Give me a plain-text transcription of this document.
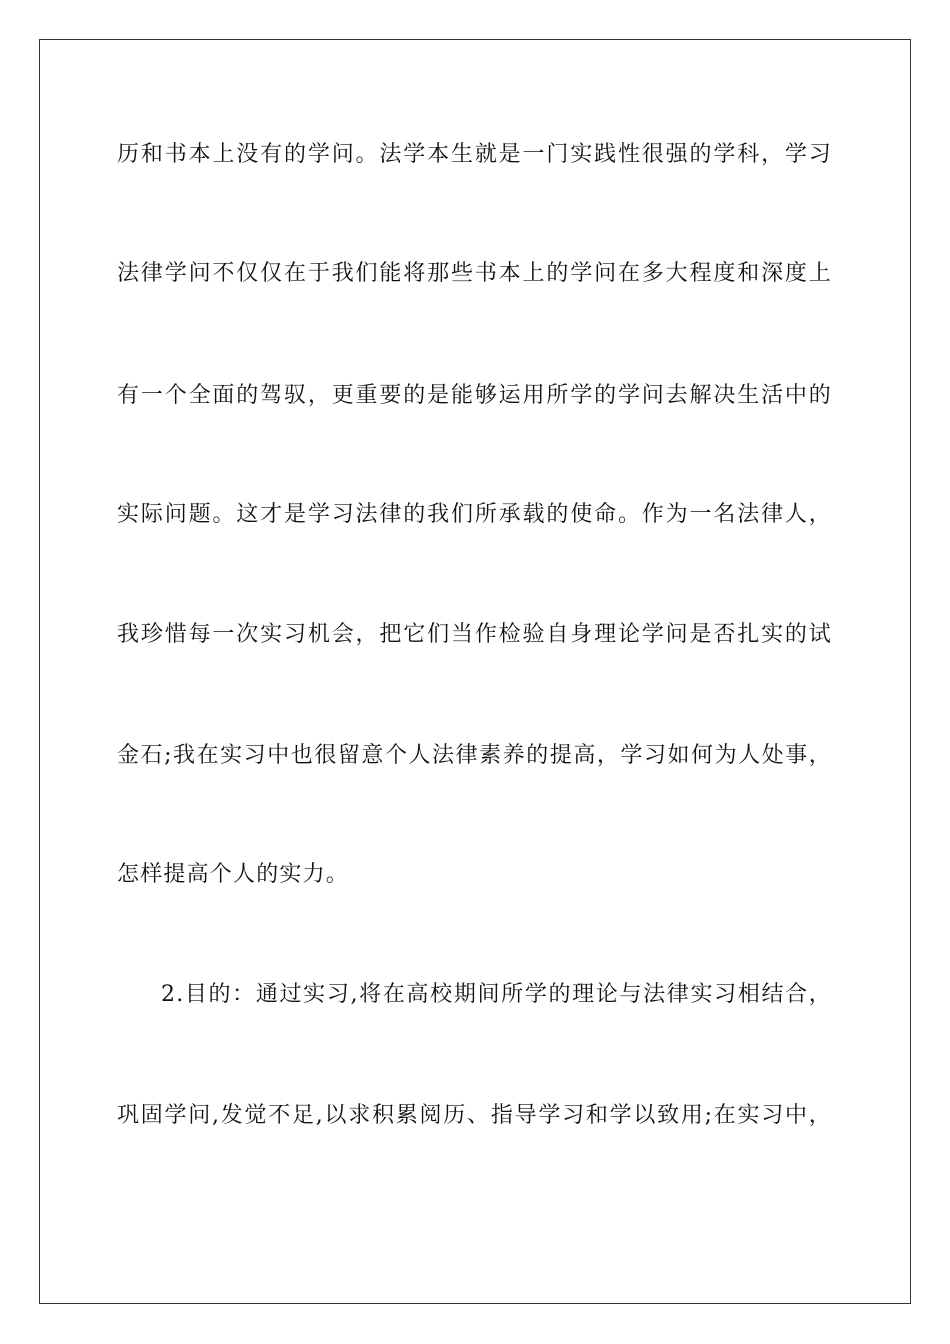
历和书本上没有的学问。法学本生就是一门实践性很强的学科，学习
法律学问不仅仅在于我们能将那些书本上的学问在多大程度和深度上
有一个全面的驾驭，更重要的是能够运用所学的学问去解决生活中的
实际问题。这才是学习法律的我们所承载的使命。作为一名法律人，
我珍惜每一次实习机会，把它们当作检验自身理论学问是否扎实的试
金石;我在实习中也很留意个人法律素养的提高，学习如何为人处事，
怎样提高个人的实力。
2.目的：通过实习,将在高校期间所学的理论与法律实习相结合，
巩固学问,发觉不足,以求积累阅历、指导学习和学以致用;在实习中，
